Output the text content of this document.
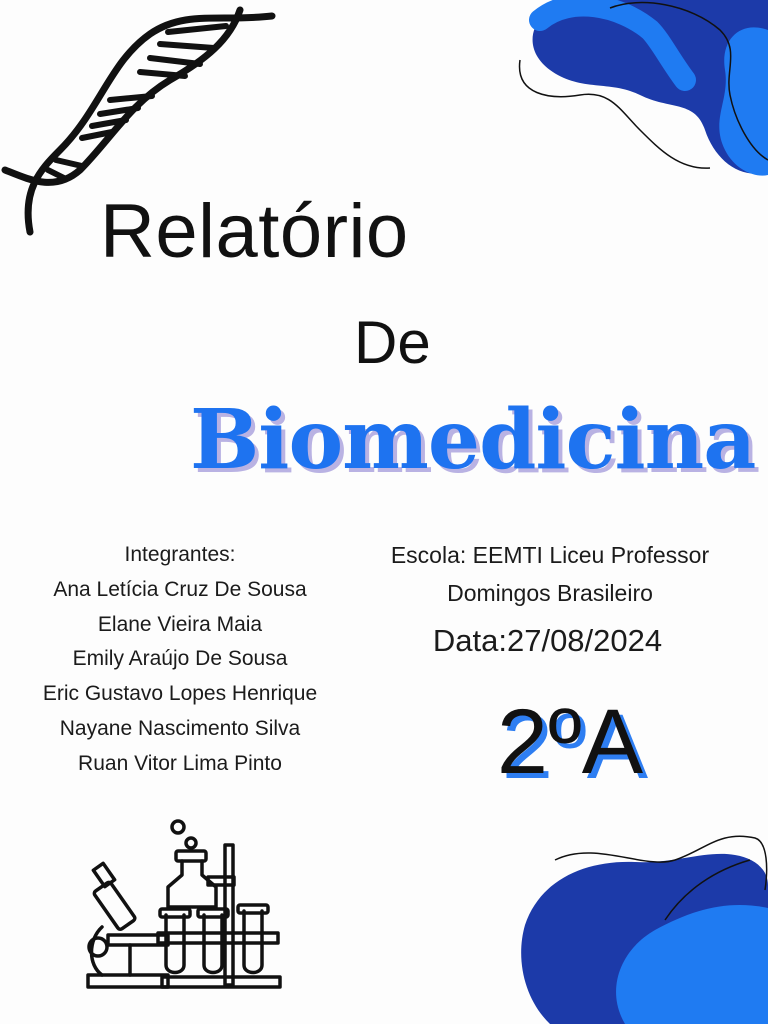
Relatório
De
Biomedicina
Integrantes:
Ana Letícia Cruz De Sousa
Elane Vieira Maia
Emily Araújo De Sousa
Eric Gustavo Lopes Henrique
Nayane Nascimento Silva
Ruan Vitor Lima Pinto
Escola: EEMTI Liceu Professor
Domingos Brasileiro
Data:27/08/2024
2ºA
